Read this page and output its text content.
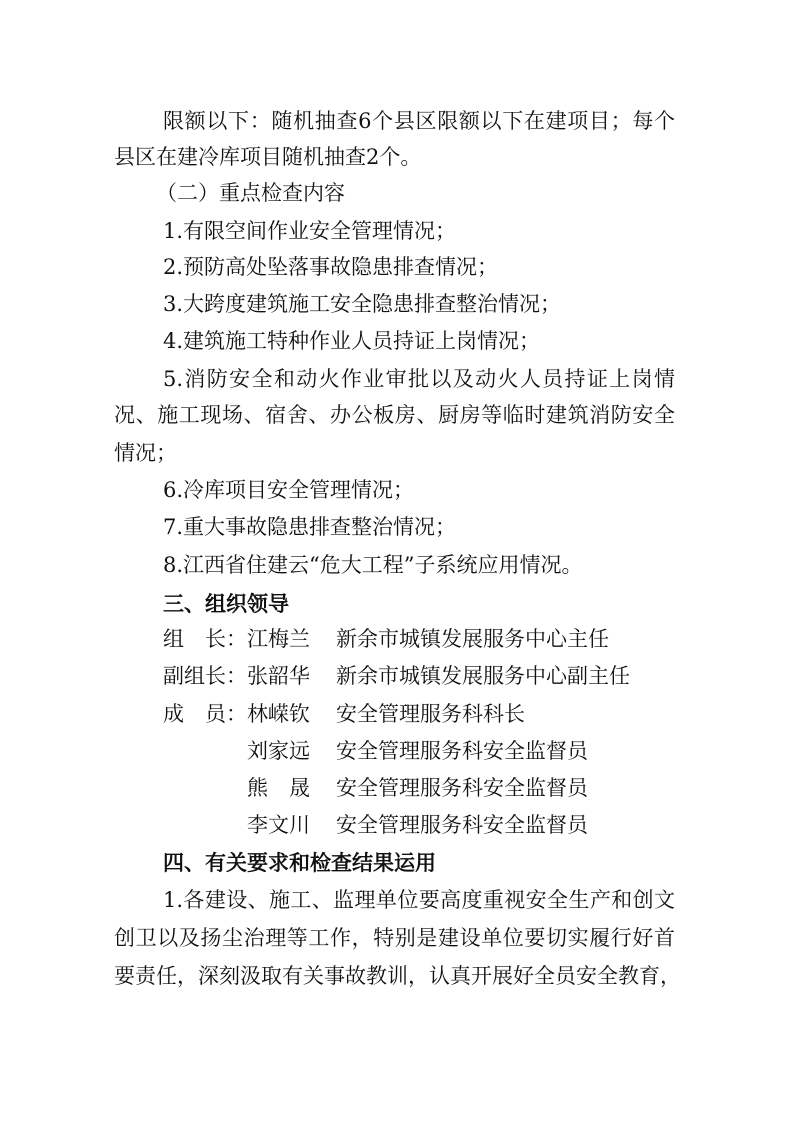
限额以下：随机抽查6个县区限额以下在建项目；每个
县区在建冷库项目随机抽查2个。
（二）重点检查内容
1.有限空间作业安全管理情况；
2.预防高处坠落事故隐患排查情况；
3.大跨度建筑施工安全隐患排查整治情况；
4.建筑施工特种作业人员持证上岗情况；
5.消防安全和动火作业审批以及动火人员持证上岗情
况、施工现场、宿舍、办公板房、厨房等临时建筑消防安全
情况；
6.冷库项目安全管理情况；
7.重大事故隐患排查整治情况；
8.江西省住建云“危大工程”子系统应用情况。
三、组织领导
组　长： 江梅兰 新余市城镇发展服务中心主任
副组长： 张韶华 新余市城镇发展服务中心副主任
成　员： 林嵘钦 安全管理服务科科长
刘家远 安全管理服务科安全监督员
熊　晟 安全管理服务科安全监督员
李文川 安全管理服务科安全监督员
四、有关要求和检查结果运用
1.各建设、施工、监理单位要高度重视安全生产和创文
创卫以及扬尘治理等工作，特别是建设单位要切实履行好首
要责任，深刻汲取有关事故教训，认真开展好全员安全教育，
